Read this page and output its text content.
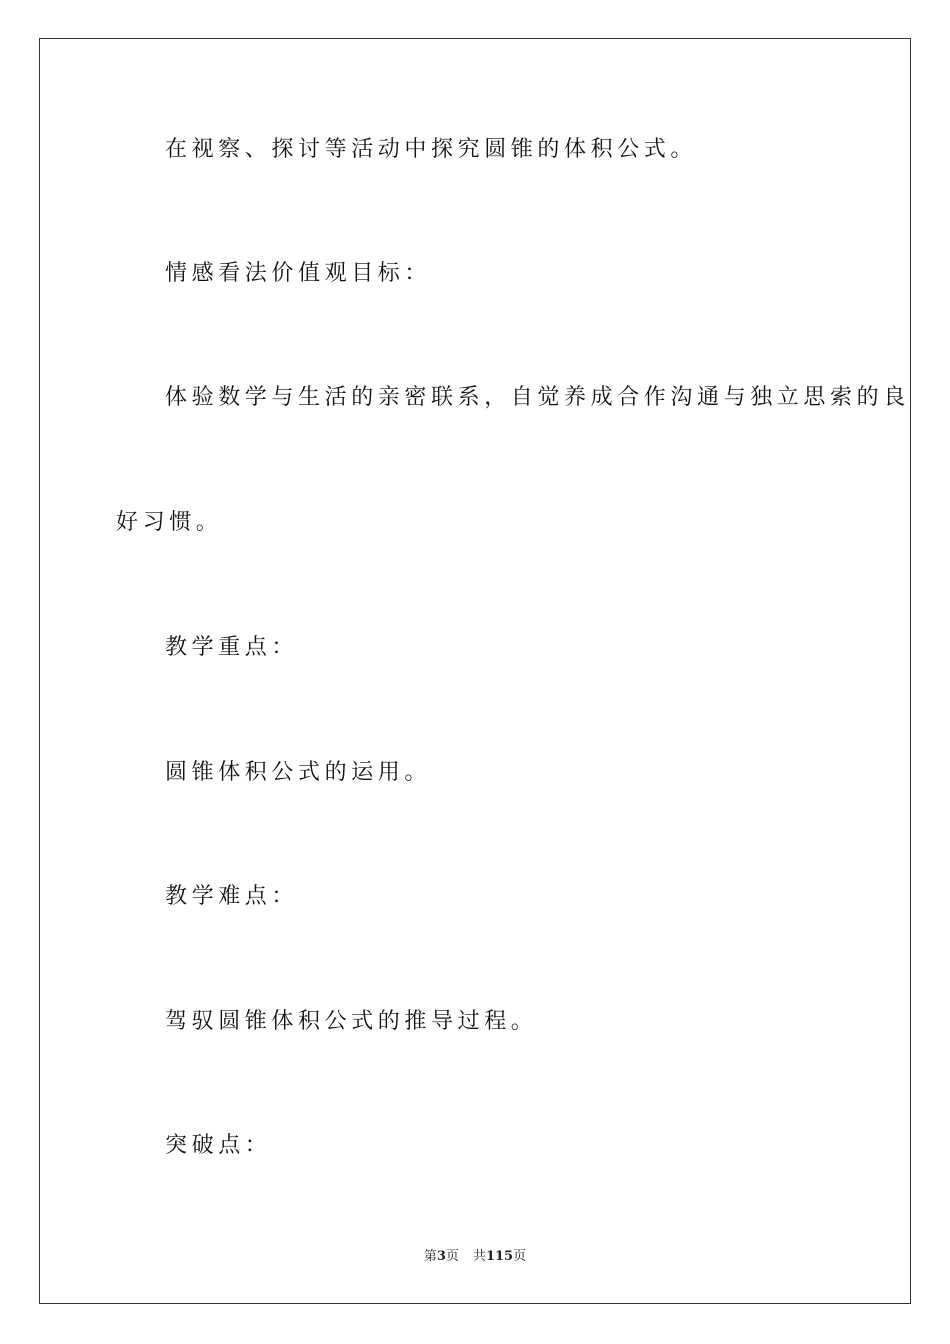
在视察、探讨等活动中探究圆锥的体积公式。

情感看法价值观目标：

体验数学与生活的亲密联系，自觉养成合作沟通与独立思索的良

好习惯。

教学重点：

圆锥体积公式的运用。

教学难点：

驾驭圆锥体积公式的推导过程。

突破点：

第3页 共115页
